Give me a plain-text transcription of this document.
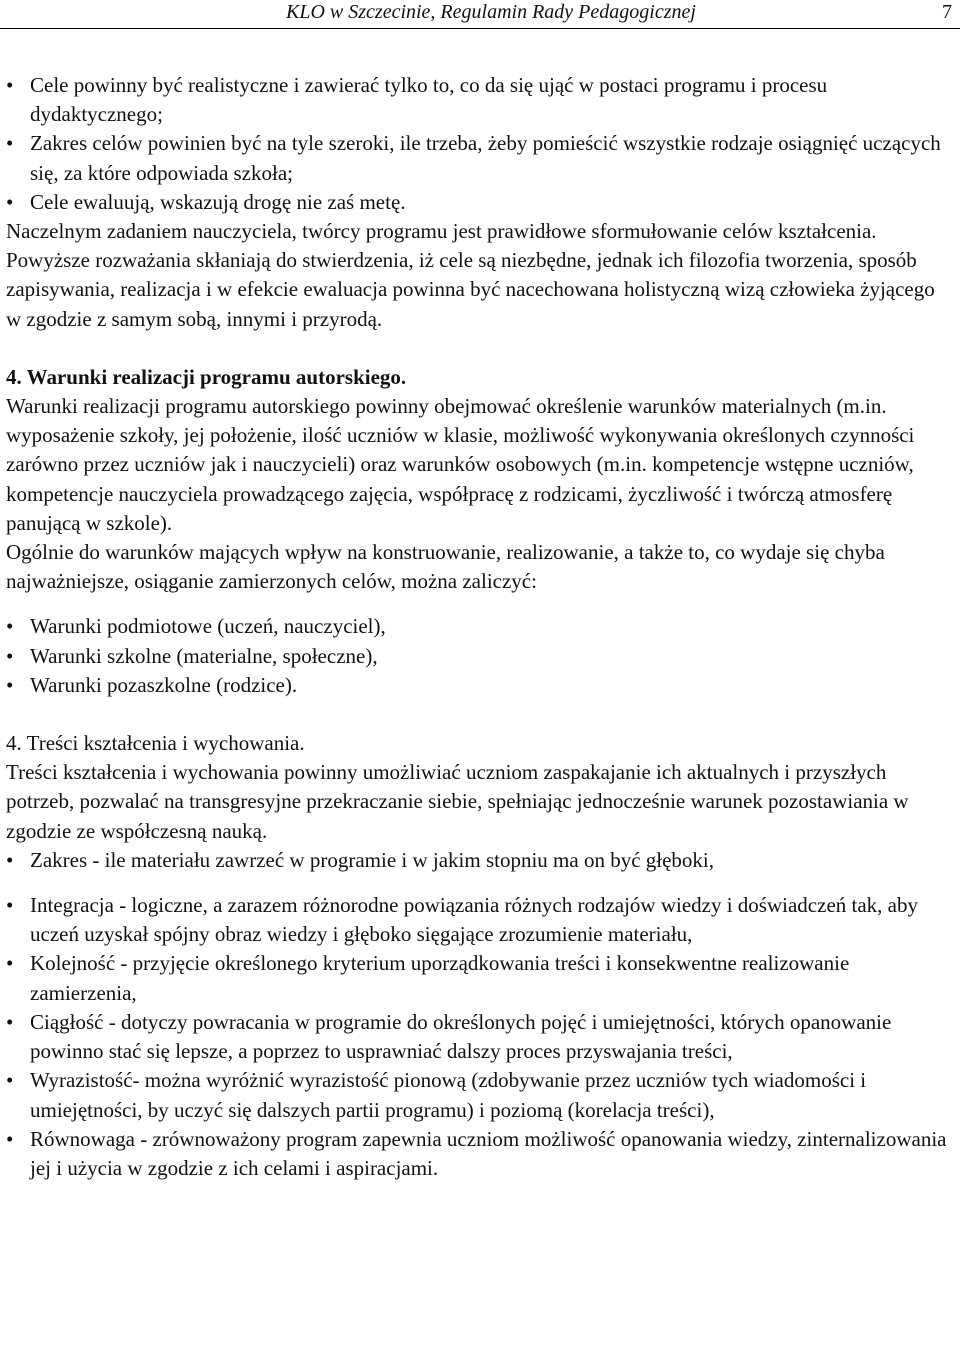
KLO w Szczecinie, Regulamin Rady Pedagogicznej	7
• Cele powinny być realistyczne i zawierać tylko to, co da się ująć w postaci programu i procesu dydaktycznego;
• Zakres celów powinien być na tyle szeroki, ile trzeba, żeby pomieścić wszystkie rodzaje osiągnięć uczących się, za które odpowiada szkoła;
• Cele ewaluują, wskazują drogę nie zaś metę.

Naczelnym zadaniem nauczyciela, twórcy programu jest prawidłowe sformułowanie celów kształcenia. Powyższe rozważania skłaniają do stwierdzenia, iż cele są niezbędne, jednak ich filozofia tworzenia, sposób zapisywania, realizacja i w efekcie ewaluacja powinna być nacechowana holistyczną wizą człowieka żyjącego w zgodzie z samym sobą, innymi i przyrodą.

4. Warunki realizacji programu autorskiego.

Warunki realizacji programu autorskiego powinny obejmować określenie warunków materialnych (m.in. wyposażenie szkoły, jej położenie, ilość uczniów w klasie, możliwość wykonywania określonych czynności zarówno przez uczniów jak i nauczycieli) oraz warunków osobowych (m.in. kompetencje wstępne uczniów, kompetencje nauczyciela prowadzącego zajęcia, współpracę z rodzicami, życzliwość i twórczą atmosferę panującą w szkole).

Ogólnie do warunków mających wpływ na konstruowanie, realizowanie, a także to, co wydaje się chyba najważniejsze, osiąganie zamierzonych celów, można zaliczyć:

• Warunki podmiotowe (uczeń, nauczyciel),
• Warunki szkolne (materialne, społeczne),
• Warunki pozaszkolne (rodzice).

4. Treści kształcenia i wychowania.

Treści kształcenia i wychowania powinny umożliwiać uczniom zaspakajanie ich aktualnych i przyszłych potrzeb, pozwalać na transgresyjne przekraczanie siebie, spełniając jednocześnie warunek pozostawiania w zgodzie ze współczesną nauką.

• Zakres - ile materiału zawrzeć w programie i w jakim stopniu ma on być głęboki,
• Integracja - logiczne, a zarazem różnorodne powiązania różnych rodzajów wiedzy i doświadczeń tak, aby uczeń uzyskał spójny obraz wiedzy i głęboko sięgające zrozumienie materiału,
• Kolejność - przyjęcie określonego kryterium uporządkowania treści i konsekwentne realizowanie zamierzenia,
• Ciągłość - dotyczy powracania w programie do określonych pojęć i umiejętności, których opanowanie powinno stać się lepsze, a poprzez to usprawniać dalszy proces przyswajania treści,
• Wyrazistość- można wyróżnić wyrazistość pionową (zdobywanie przez uczniów tych wiadomości i umiejętności, by uczyć się dalszych partii programu) i poziomą (korelacja treści),
• Równowaga - zrównoważony program zapewnia uczniom możliwość opanowania wiedzy, zinternalizowania jej i użycia w zgodzie z ich celami i aspiracjami.
